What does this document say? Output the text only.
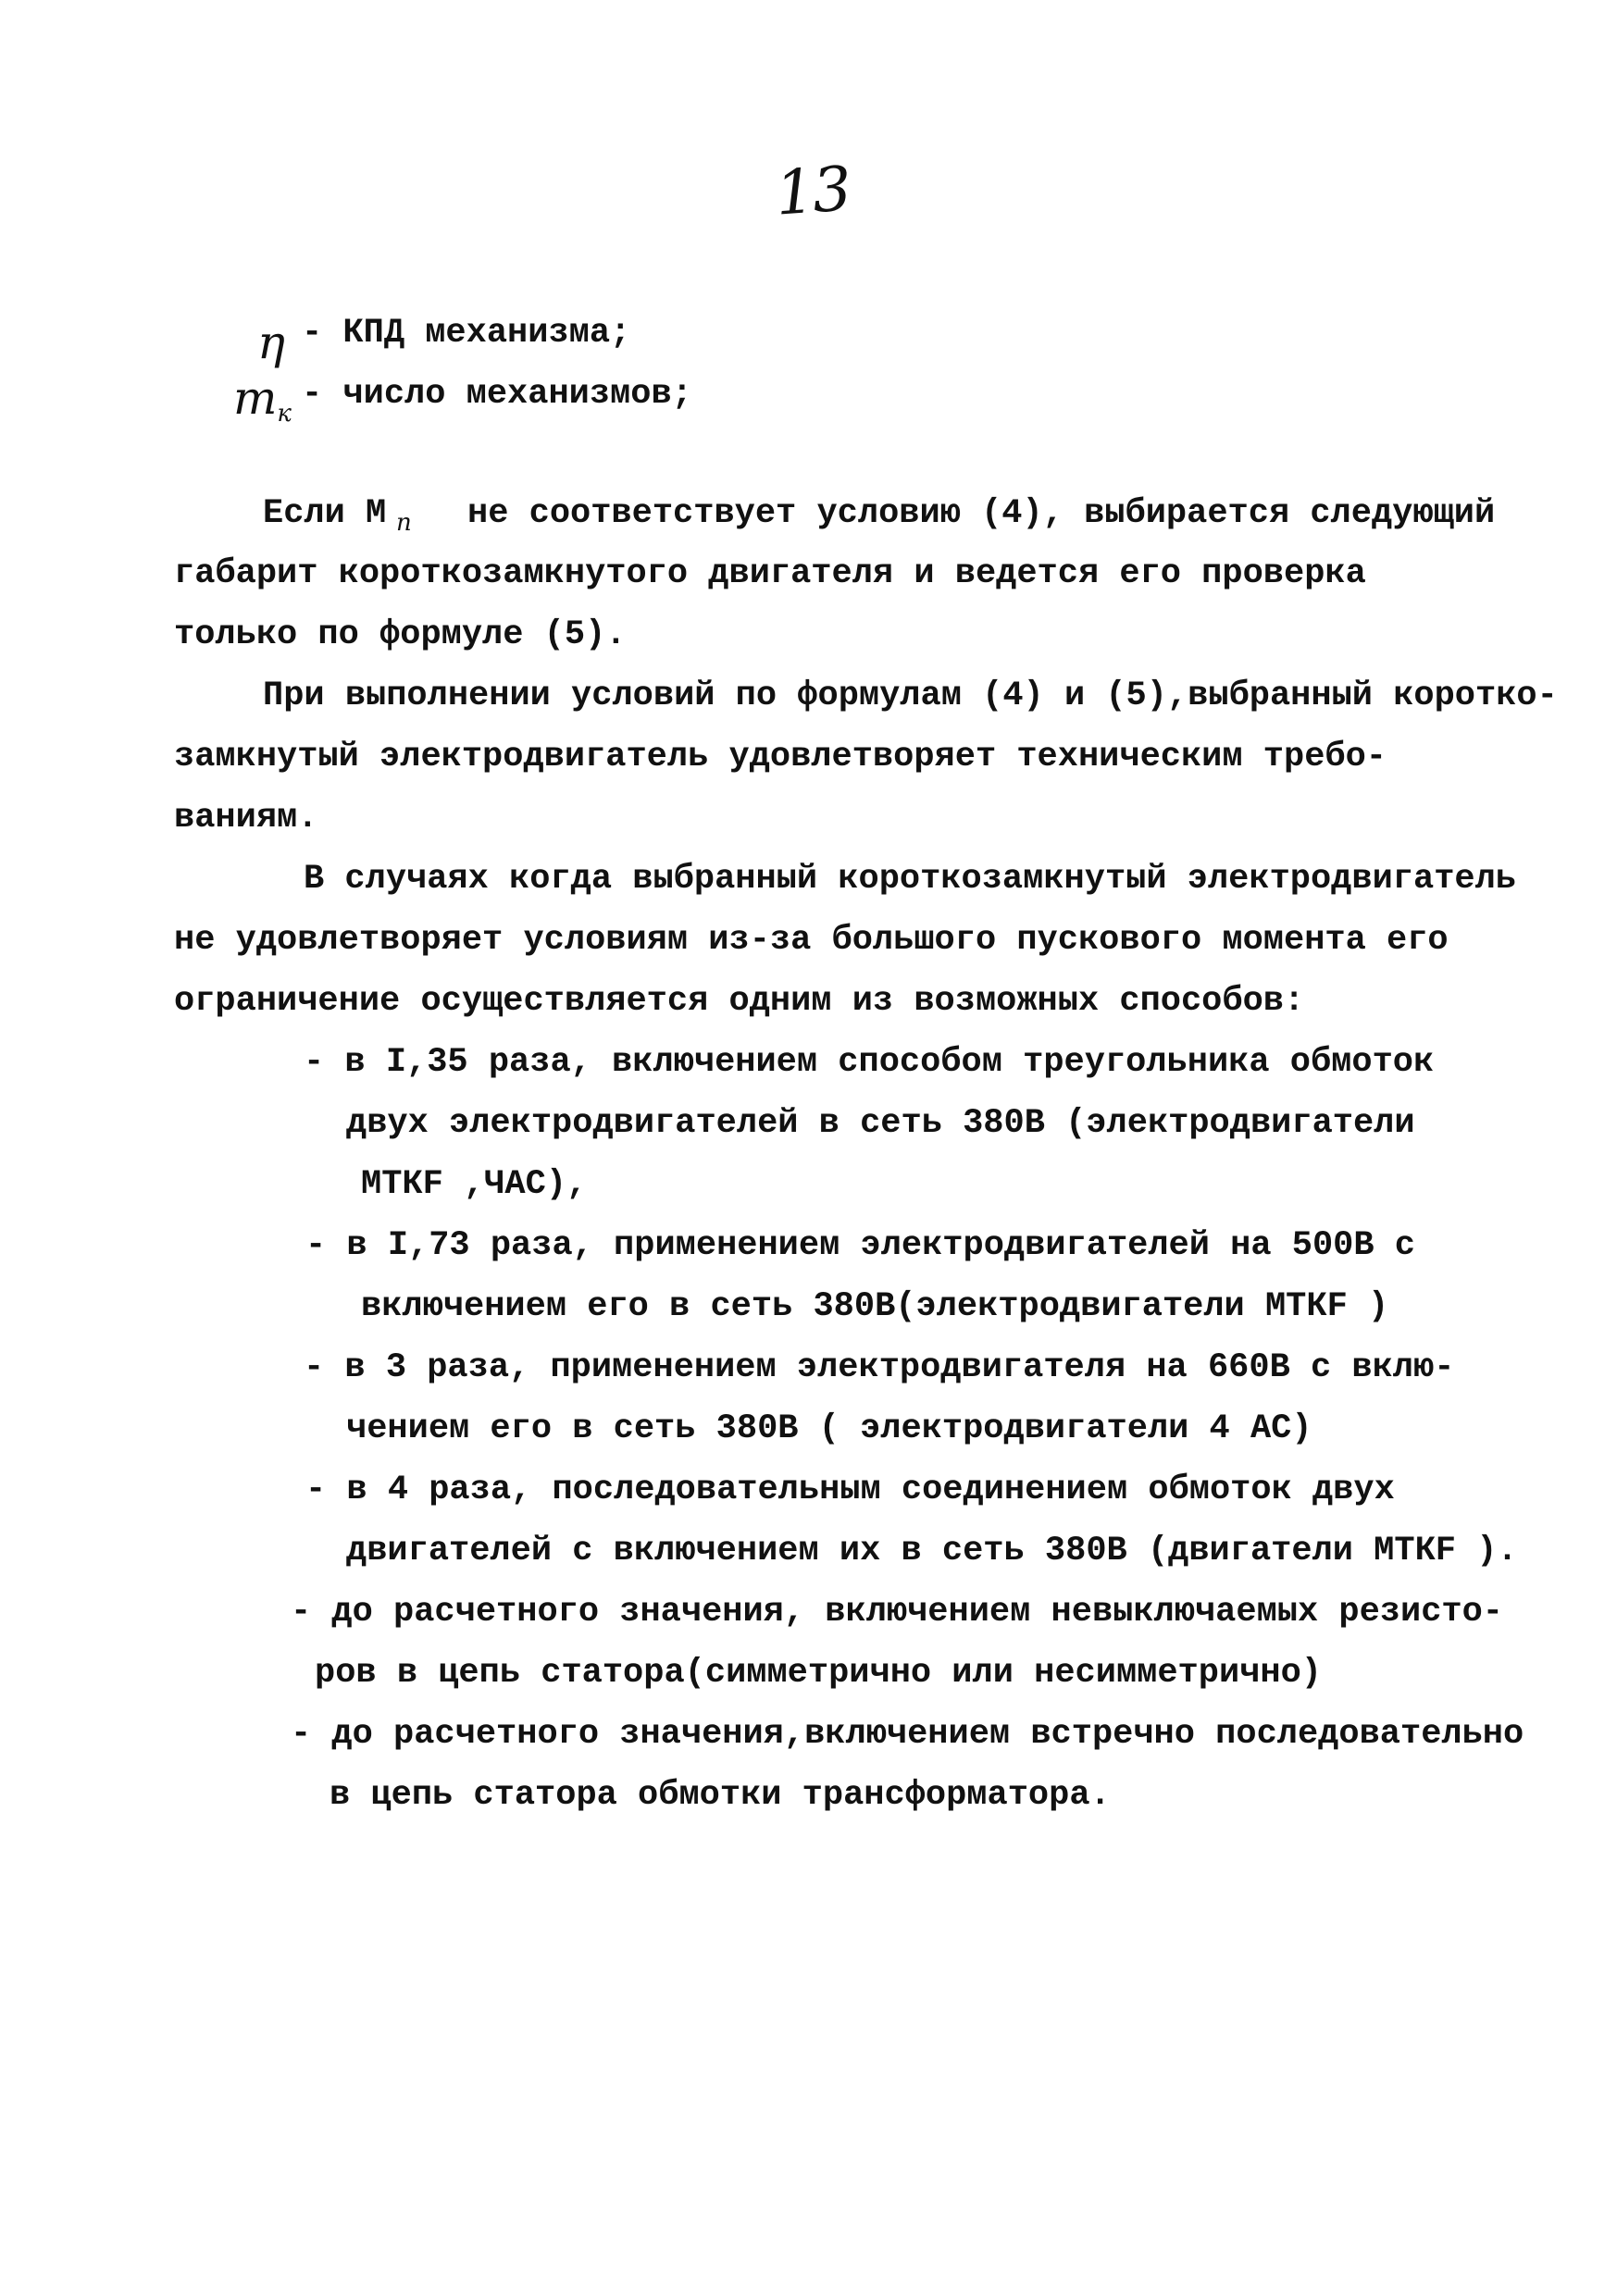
13
η - КПД механизма;
$m_к$ - число механизмов;
Если М п не соответствует условию (4), выбирается следующий
габарит короткозамкнутого двигателя и ведется его проверка
только по формуле (5).
При выполнении условий по формулам (4) и (5),выбранный коротко-
замкнутый электродвигатель удовлетворяет техническим требо-
ваниям.
В случаях когда выбранный короткозамкнутый электродвигатель
не удовлетворяет условиям из-за большого пускового момента его
ограничение осуществляется одним из возможных способов:
- в I,35 раза, включением способом треугольника обмоток
двух электродвигателей в сеть 380В (электродвигатели
МТКF ,ЧАС),
- в I,73 раза, применением электродвигателей на 500В с
включением его в сеть 380В(электродвигатели МТКF )
- в 3 раза, применением электродвигателя на 660В с вклю-
чением его в сеть 380В ( электродвигатели 4 АС)
- в 4 раза, последовательным соединением обмоток двух
двигателей с включением их в сеть 380В (двигатели МТКF ).
- до расчетного значения, включением невыключаемых резисто-
ров в цепь статора(симметрично или несимметрично)
- до расчетного значения,включением встречно последовательно
в цепь статора обмотки трансформатора.
